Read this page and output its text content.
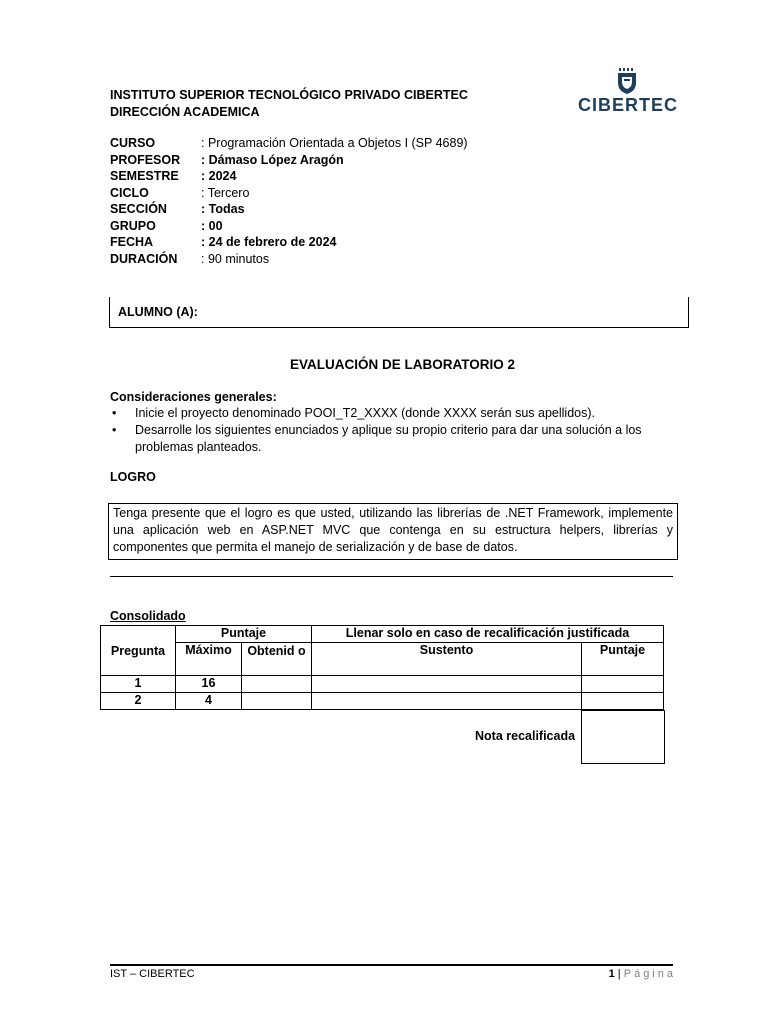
INSTITUTO SUPERIOR TECNOLÓGICO PRIVADO CIBERTEC
DIRECCIÓN ACADEMICA	CIBERTEC
CURSO	: Programación Orientada a Objetos I (SP 4689)
PROFESOR	: Dámaso López Aragón
SEMESTRE	: 2024
CICLO	: Tercero
SECCIÓN	: Todas
GRUPO	: 00
FECHA	: 24 de febrero de 2024
DURACIÓN	: 90 minutos
ALUMNO (A):
EVALUACIÓN DE LABORATORIO 2
Consideraciones generales:
•	Inicie el proyecto denominado POOI_T2_XXXX (donde XXXX serán sus apellidos).
•	Desarrolle los siguientes enunciados y aplique su propio criterio para dar una solución a los problemas planteados.
LOGRO
Tenga presente que el logro es que usted, utilizando las librerías de .NET Framework, implemente una aplicación web en ASP.NET MVC que contenga en su estructura helpers, librerías y componentes que permita el manejo de serialización y de base de datos.
Consolidado
Pregunta	Puntaje		Llenar solo en caso de recalificación justificada	
	Máximo	Obtenid o	Sustento	Puntaje
1	16			
2	4			
Nota recalificada
IST – CIBERTEC	1 | Página
